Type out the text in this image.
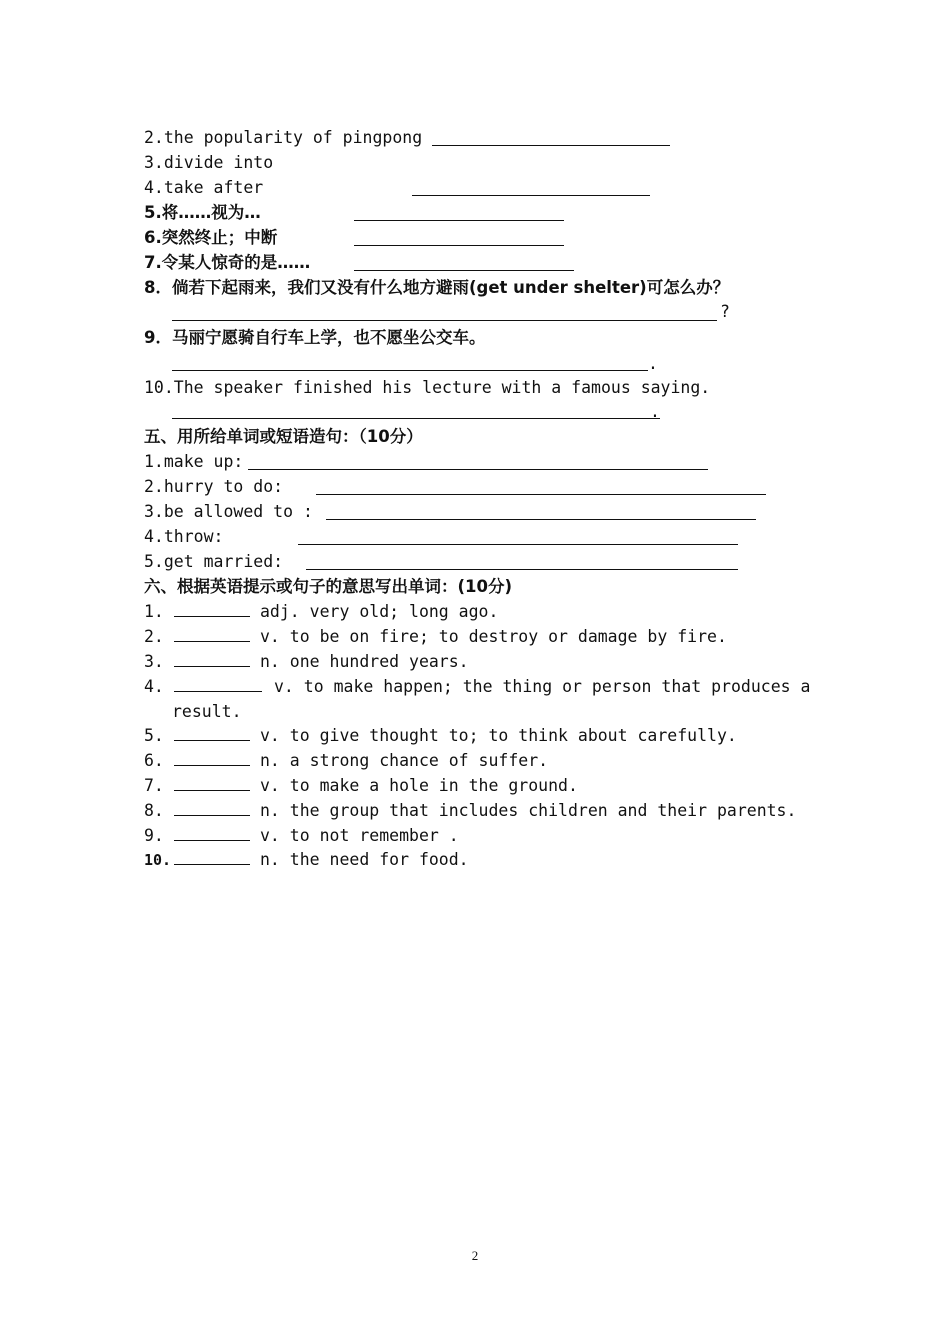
2.the popularity of pingpong
3.divide into
4.take after
5.将……视为…
6.突然终止；中断
7.令某人惊奇的是……
8．倘若下起雨来，我们又没有什么地方避雨(get under shelter)可怎么办？
?
9．马丽宁愿骑自行车上学，也不愿坐公交车。
.
10.The speaker finished his lecture with a famous saying.
.
五、用所给单词或短语造句：（10分）
1.make up:
2.hurry to do:
3.be allowed to :
4.throw:
5.get married:
六、根据英语提示或句子的意思写出单词：(10分)
1.	adj. very old; long ago.
2.	v. to be on fire; to destroy or damage by fire.
3.	n. one hundred years.
4.	v. to make happen; the thing or person that produces a
result.
5.	v. to give thought to; to think about carefully.
6.	n. a strong chance of suffer.
7.	v. to make a hole in the ground.
8.	n. the group that includes children and their parents.
9.	v. to not remember .
10.	n. the need for food.
2
